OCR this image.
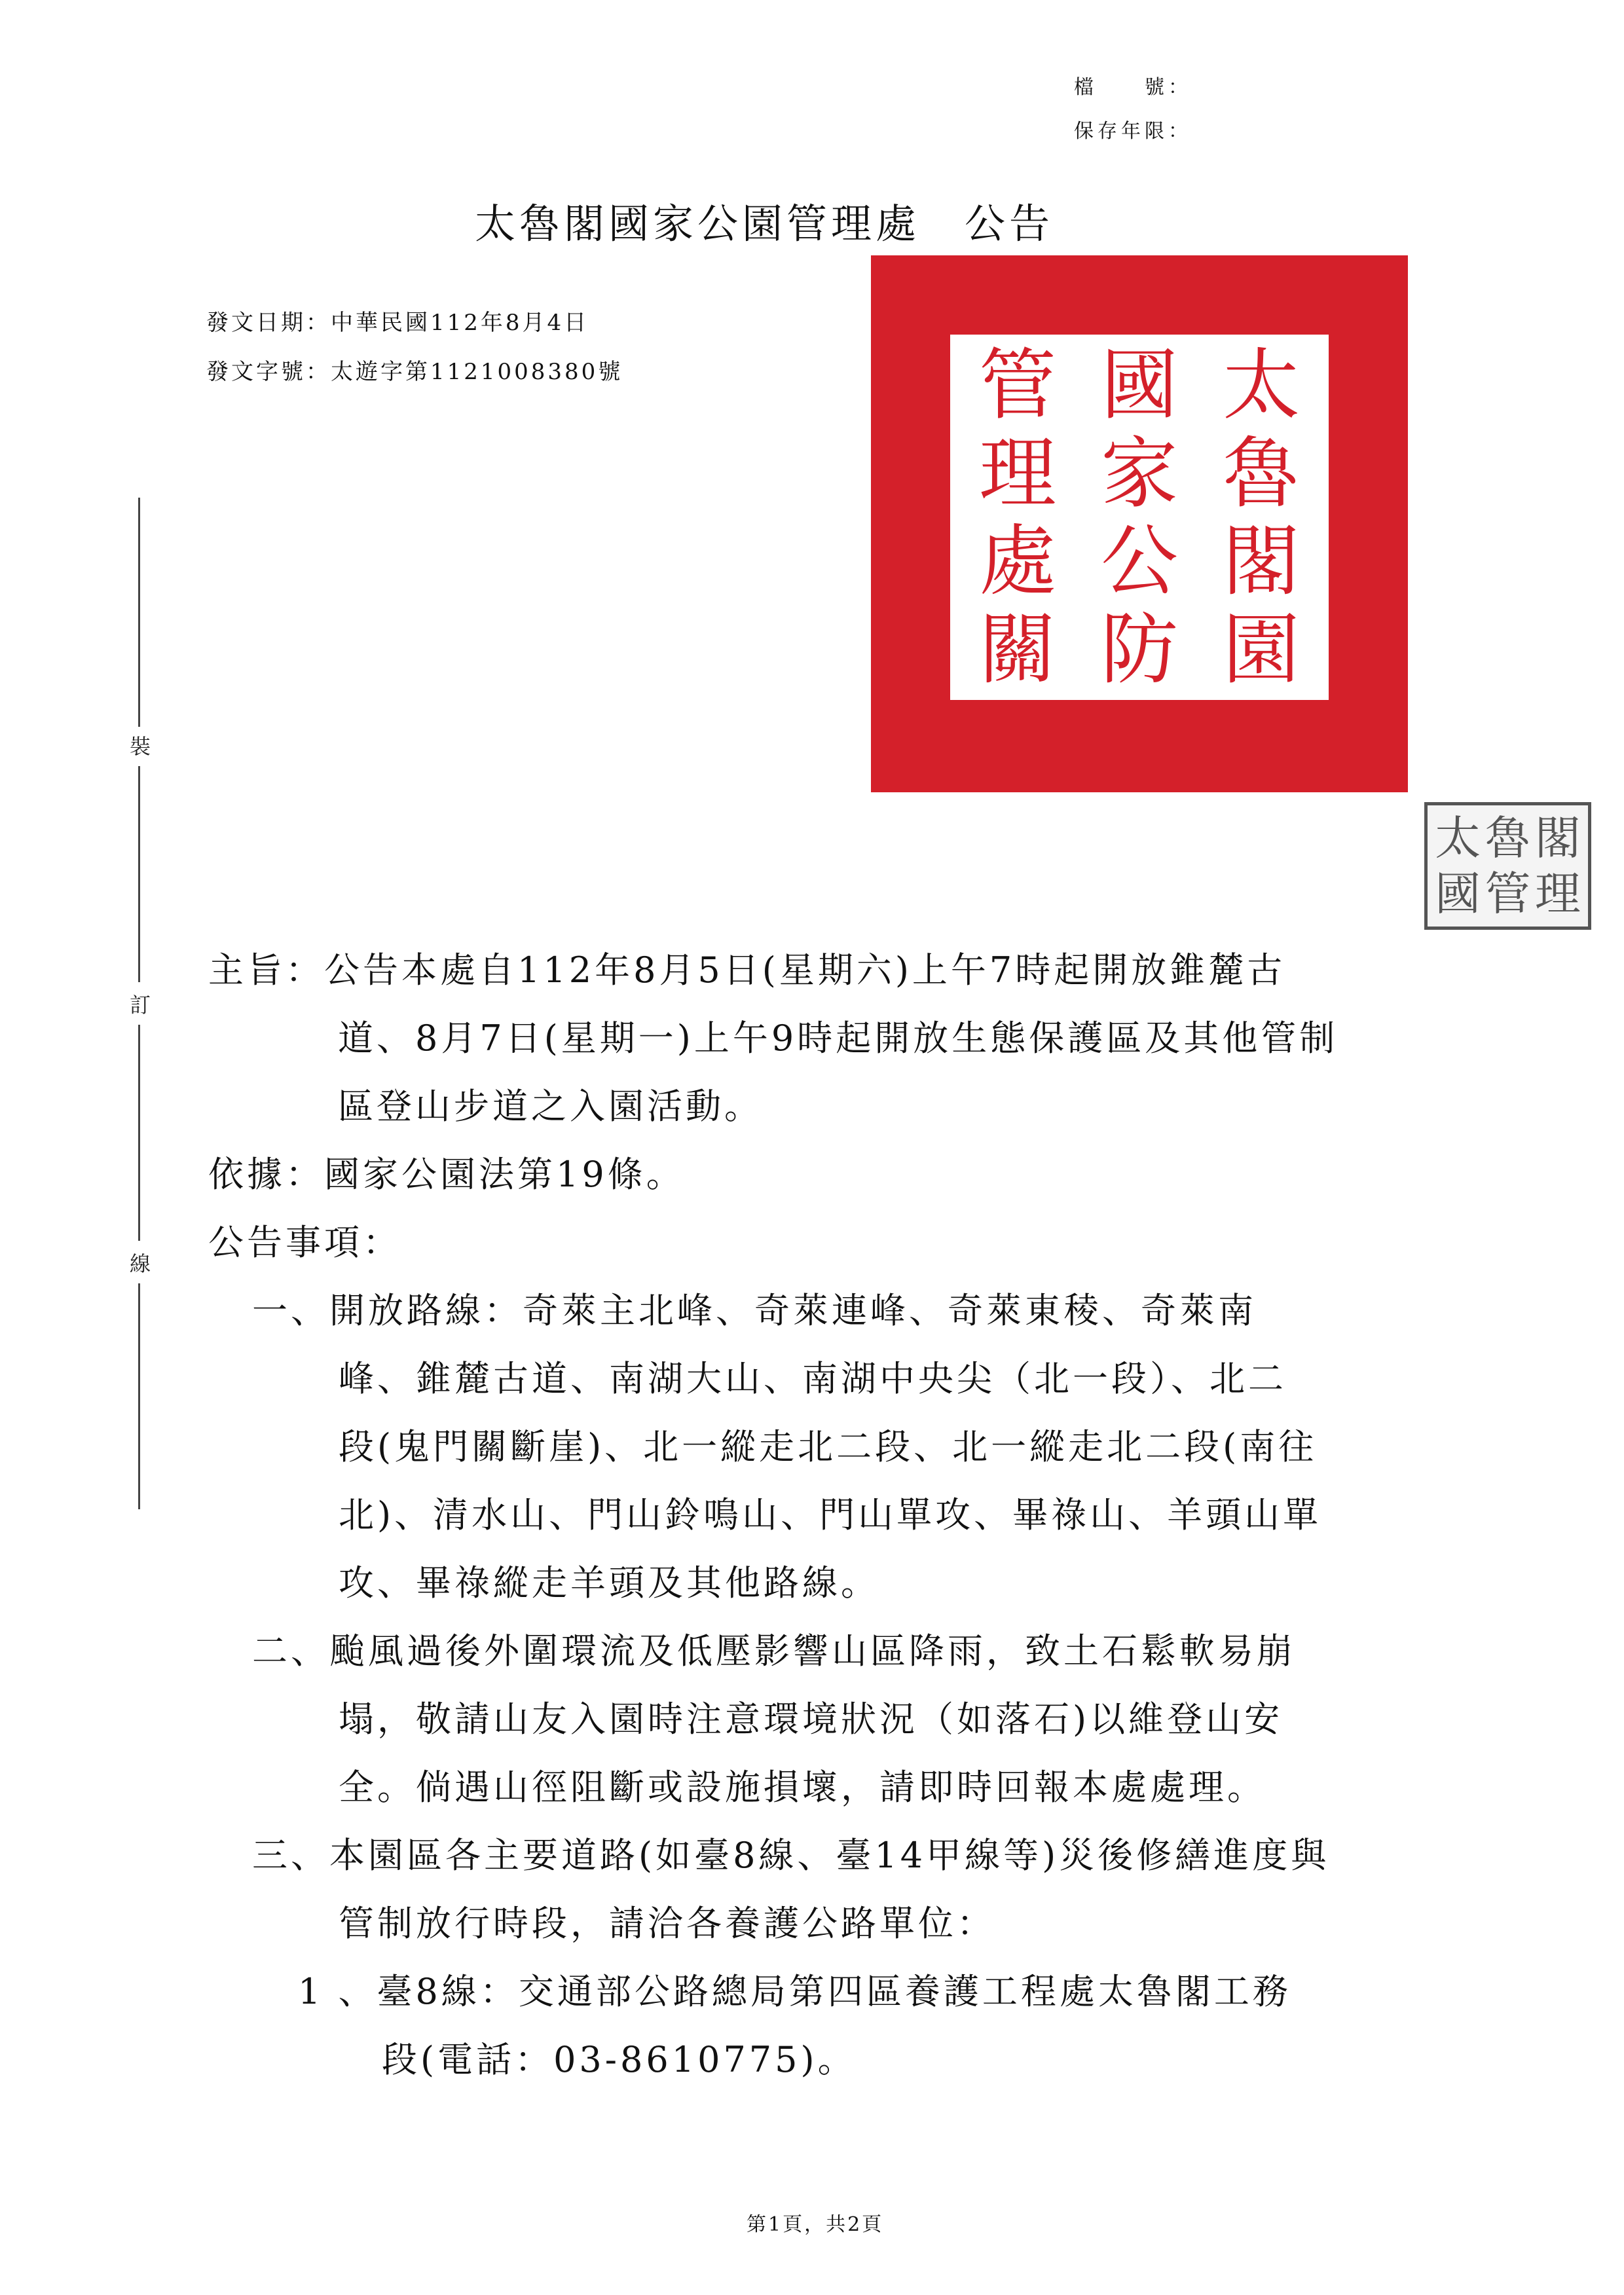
檔　　號：
保存年限：
太魯閣國家公園管理處　公告
發文日期：中華民國112年8月4日
發文字號：太遊字第1121008380號
裝
訂
線
管 國 太
理 家 魯
處 公 閣
關 防 園
太 魯 閣
國 管 理
主旨：公告本處自112年8月5日(星期六)上午7時起開放錐麓古
道、8月7日(星期一)上午9時起開放生態保護區及其他管制
區登山步道之入園活動。
依據：國家公園法第19條。
公告事項：
一、開放路線：奇萊主北峰、奇萊連峰、奇萊東稜、奇萊南
峰、錐麓古道、南湖大山、南湖中央尖（北一段）、北二
段(鬼門關斷崖)、北一縱走北二段、北一縱走北二段(南往
北)、清水山、門山鈴鳴山、門山單攻、畢祿山、羊頭山單
攻、畢祿縱走羊頭及其他路線。
二、颱風過後外圍環流及低壓影響山區降雨，致土石鬆軟易崩
塌，敬請山友入園時注意環境狀況（如落石)以維登山安
全。倘遇山徑阻斷或設施損壞，請即時回報本處處理。
三、本園區各主要道路(如臺8線、臺14甲線等)災後修繕進度與
管制放行時段，請洽各養護公路單位：
1 、臺8線：交通部公路總局第四區養護工程處太魯閣工務
段(電話：03-8610775)。
第1頁，共2頁
